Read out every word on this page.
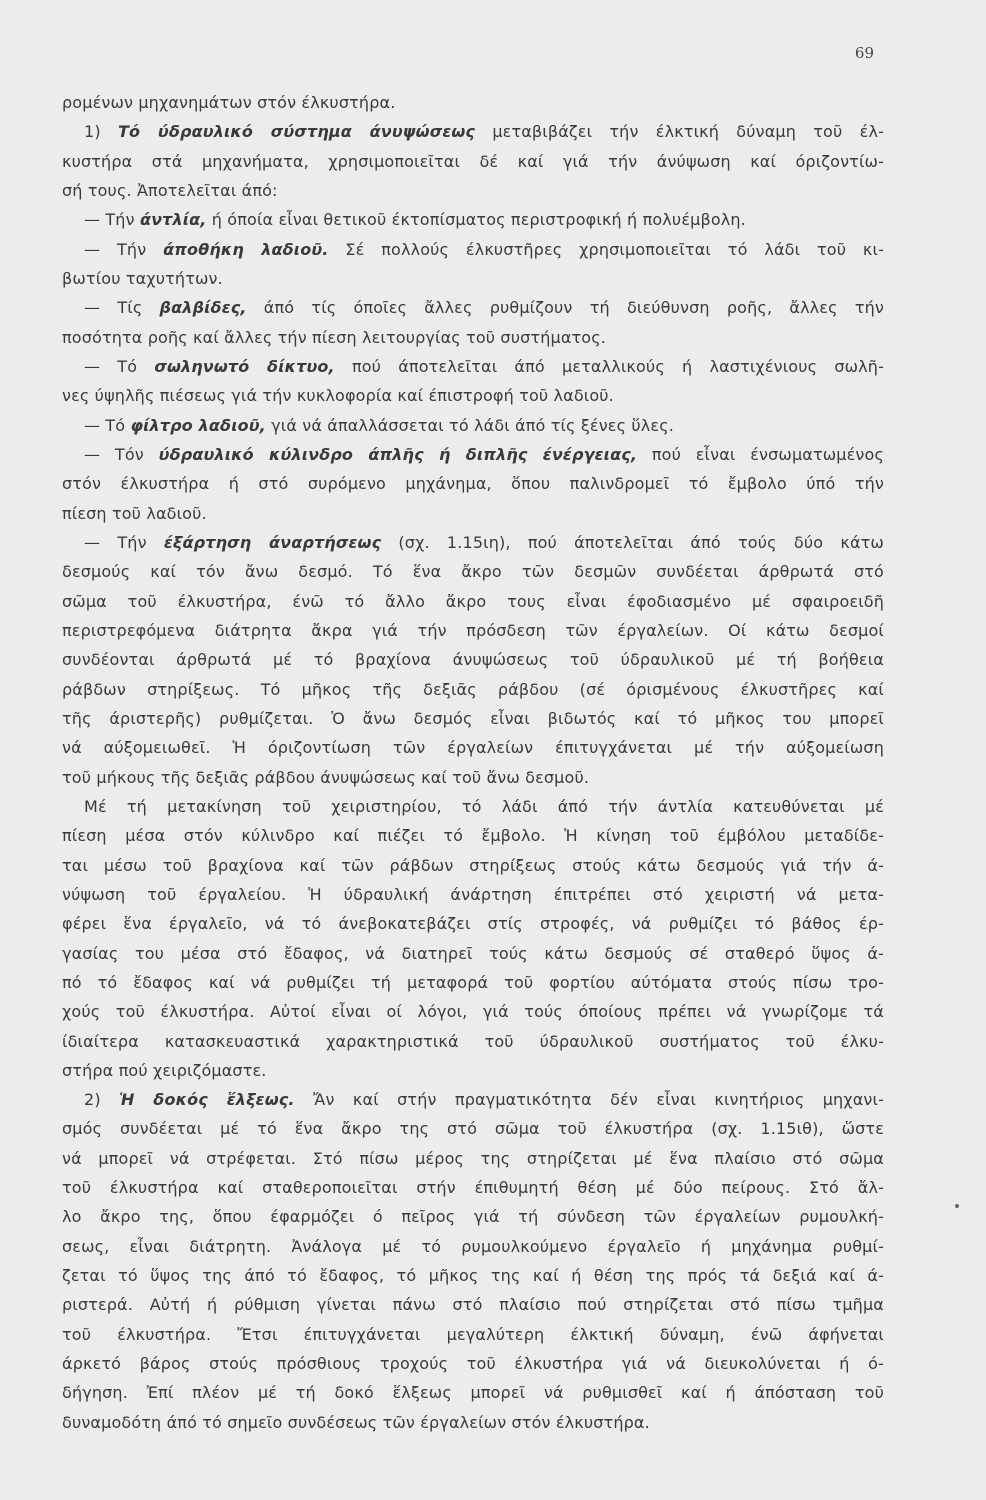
69
ρομένων μηχανημάτων στόν έλκυστήρα.
1) Τό ύδραυλικό σύστημα άνυψώσεως μεταβιβάζει τήν έλκτική δύναμη τοῦ έλ-
κυστήρα στά μηχανήματα, χρησιμοποιεῖται δέ καί γιά τήν άνύψωση καί όριζοντίω-
σή τους. Ἀποτελεῖται άπό:
— Τήν άντλία, ή όποία εἶναι θετικοῦ έκτοπίσματος περιστροφική ή πολυέμβολη.
— Τήν άποθήκη λαδιοῦ. Σέ πολλούς έλκυστῆρες χρησιμοποιεῖται τό λάδι τοῦ κι-
βωτίου ταχυτήτων.
— Τίς βαλβίδες, άπό τίς όποῖες ἄλλες ρυθμίζουν τή διεύθυνση ροῆς, ἄλλες τήν
ποσότητα ροῆς καί ἄλλες τήν πίεση λειτουργίας τοῦ συστήματος.
— Τό σωληνωτό δίκτυο, πού άποτελεῖται άπό μεταλλικούς ή λαστιχένιους σωλῆ-
νες ύψηλῆς πιέσεως γιά τήν κυκλοφορία καί έπιστροφή τοῦ λαδιοῦ.
— Τό φίλτρο λαδιοῦ, γιά νά άπαλλάσσεται τό λάδι άπό τίς ξένες ὕλες.
— Τόν ύδραυλικό κύλινδρο άπλῆς ή διπλῆς ένέργειας, πού εἶναι ένσωματωμένος
στόν έλκυστήρα ή στό συρόμενο μηχάνημα, ὅπου παλινδρομεῖ τό ἔμβολο ύπό τήν
πίεση τοῦ λαδιοῦ.
— Τήν έξάρτηση άναρτήσεως (σχ. 1.15ιη), πού άποτελεῖται άπό τούς δύο κάτω
δεσμούς καί τόν ἄνω δεσμό. Τό ἕνα ἄκρο τῶν δεσμῶν συνδέεται άρθρωτά στό
σῶμα τοῦ έλκυστήρα, ένῶ τό ἄλλο ἄκρο τους εἶναι έφοδιασμένο μέ σφαιροειδῆ
περιστρεφόμενα διάτρητα ἄκρα γιά τήν πρόσδεση τῶν έργαλείων. Οί κάτω δεσμοί
συνδέονται άρθρωτά μέ τό βραχίονα άνυψώσεως τοῦ ύδραυλικοῦ μέ τή βοήθεια
ράβδων στηρίξεως. Τό μῆκος τῆς δεξιᾶς ράβδου (σέ όρισμένους έλκυστῆρες καί
τῆς άριστερῆς) ρυθμίζεται. Ὁ ἄνω δεσμός εἶναι βιδωτός καί τό μῆκος του μπορεῖ
νά αύξομειωθεῖ. Ἡ όριζοντίωση τῶν έργαλείων έπιτυγχάνεται μέ τήν αύξομείωση
τοῦ μήκους τῆς δεξιᾶς ράβδου άνυψώσεως καί τοῦ ἄνω δεσμοῦ.
Μέ τή μετακίνηση τοῦ χειριστηρίου, τό λάδι άπό τήν άντλία κατευθύνεται μέ
πίεση μέσα στόν κύλινδρο καί πιέζει τό ἔμβολο. Ἡ κίνηση τοῦ έμβόλου μεταδίδε-
ται μέσω τοῦ βραχίονα καί τῶν ράβδων στηρίξεως στούς κάτω δεσμούς γιά τήν ά-
νύψωση τοῦ έργαλείου. Ἡ ύδραυλική άνάρτηση έπιτρέπει στό χειριστή νά μετα-
φέρει ἕνα έργαλεῖο, νά τό άνεβοκατεβάζει στίς στροφές, νά ρυθμίζει τό βάθος έρ-
γασίας του μέσα στό ἔδαφος, νά διατηρεῖ τούς κάτω δεσμούς σέ σταθερό ὕψος ά-
πό τό ἔδαφος καί νά ρυθμίζει τή μεταφορά τοῦ φορτίου αύτόματα στούς πίσω τρο-
χούς τοῦ έλκυστήρα. Αὐτοί εἶναι οί λόγοι, γιά τούς όποίους πρέπει νά γνωρίζομε τά
ίδιαίτερα κατασκευαστικά χαρακτηριστικά τοῦ ύδραυλικοῦ συστήματος τοῦ έλκυ-
στήρα πού χειριζόμαστε.
2) Ἡ δοκός ἕλξεως. Ἄν καί στήν πραγματικότητα δέν εἶναι κινητήριος μηχανι-
σμός συνδέεται μέ τό ἕνα ἄκρο της στό σῶμα τοῦ έλκυστήρα (σχ. 1.15ιθ), ὥστε
νά μπορεῖ νά στρέφεται. Στό πίσω μέρος της στηρίζεται μέ ἕνα πλαίσιο στό σῶμα
τοῦ έλκυστήρα καί σταθεροποιεῖται στήν έπιθυμητή θέση μέ δύο πείρους. Στό ἄλ-
λο ἄκρο της, ὅπου έφαρμόζει ό πεῖρος γιά τή σύνδεση τῶν έργαλείων ρυμουλκή-
σεως, εἶναι διάτρητη. Ἀνάλογα μέ τό ρυμουλκούμενο έργαλεῖο ή μηχάνημα ρυθμί-
ζεται τό ὕψος της άπό τό ἔδαφος, τό μῆκος της καί ή θέση της πρός τά δεξιά καί ά-
ριστερά. Αὐτή ή ρύθμιση γίνεται πάνω στό πλαίσιο πού στηρίζεται στό πίσω τμῆμα
τοῦ έλκυστήρα. Ἔτσι έπιτυγχάνεται μεγαλύτερη έλκτική δύναμη, ένῶ άφήνεται
άρκετό βάρος στούς πρόσθιους τροχούς τοῦ έλκυστήρα γιά νά διευκολύνεται ή ό-
δήγηση. Ἐπί πλέον μέ τή δοκό ἕλξεως μπορεῖ νά ρυθμισθεῖ καί ή άπόσταση τοῦ
δυναμοδότη άπό τό σημεῖο συνδέσεως τῶν έργαλείων στόν έλκυστήρα.
